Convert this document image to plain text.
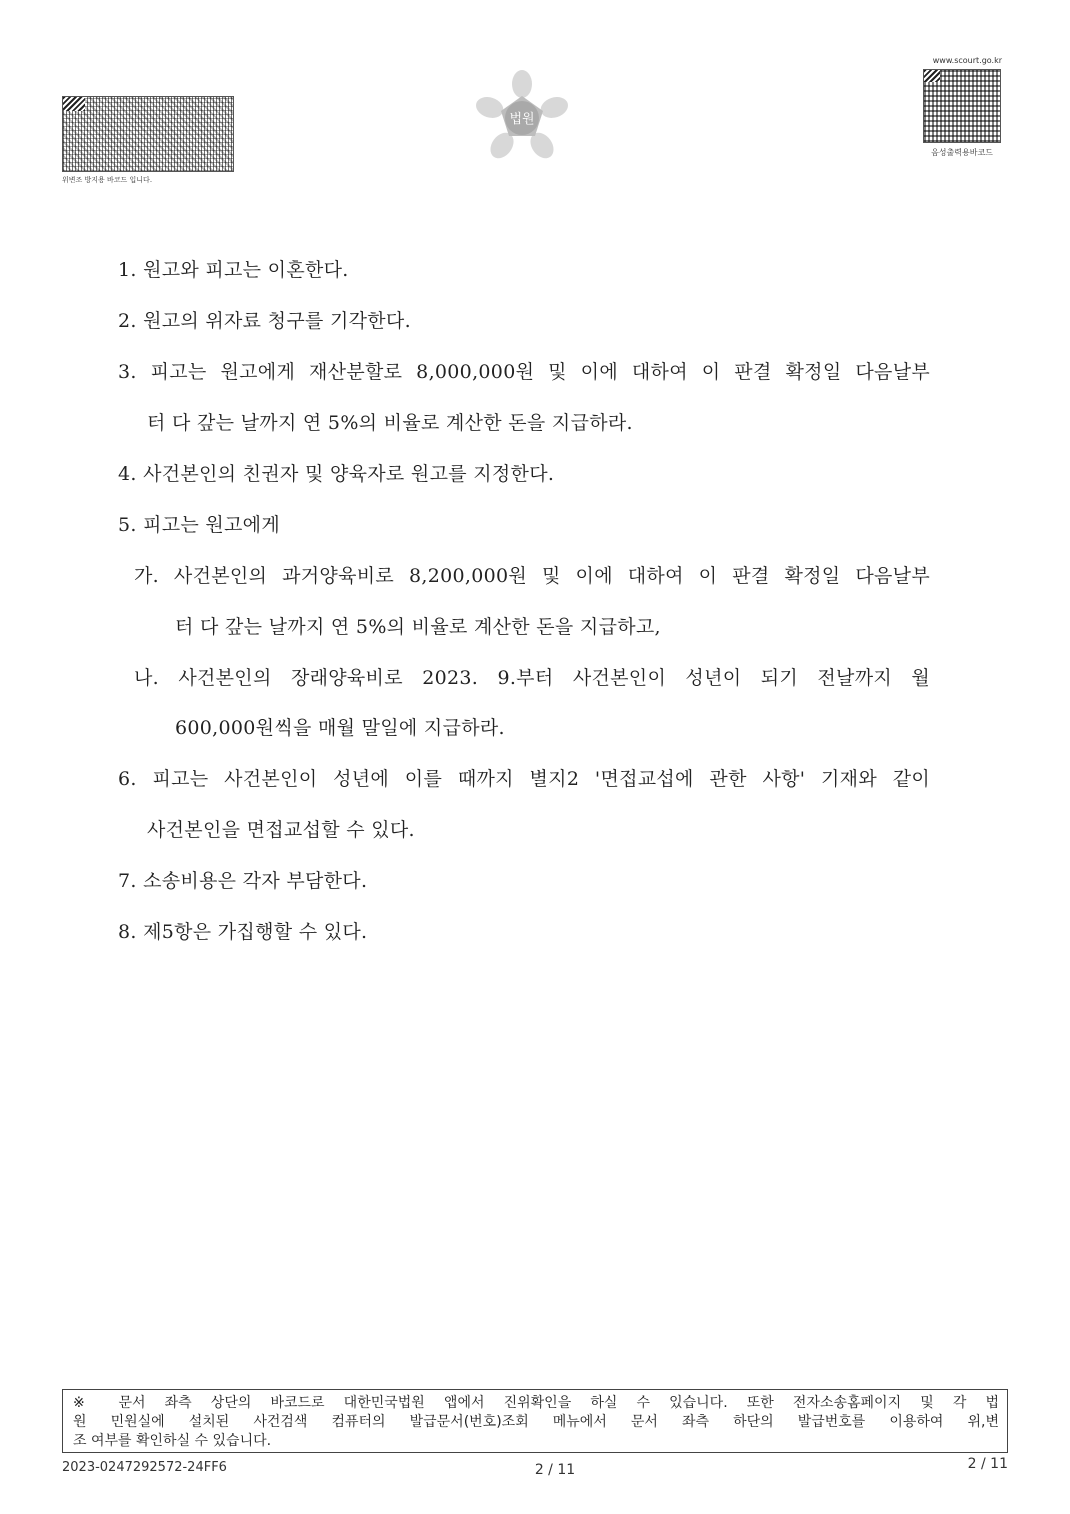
위변조 방지용 바코드 입니다.
법원
www.scourt.go.kr
음성출력용바코드
1. 원고와 피고는 이혼한다.
2. 원고의 위자료 청구를 기각한다.
3. 피고는 원고에게 재산분할로 8,000,000원 및 이에 대하여 이 판결 확정일 다음날부
터 다 갚는 날까지 연 5%의 비율로 계산한 돈을 지급하라.
4. 사건본인의 친권자 및 양육자로 원고를 지정한다.
5. 피고는 원고에게
가. 사건본인의 과거양육비로 8,200,000원 및 이에 대하여 이 판결 확정일 다음날부
터 다 갚는 날까지 연 5%의 비율로 계산한 돈을 지급하고,
나. 사건본인의 장래양육비로 2023. 9.부터 사건본인이 성년이 되기 전날까지 월
600,000원씩을 매월 말일에 지급하라.
6. 피고는 사건본인이 성년에 이를 때까지 별지2 '면접교섭에 관한 사항' 기재와 같이
사건본인을 면접교섭할 수 있다.
7. 소송비용은 각자 부담한다.
8. 제5항은 가집행할 수 있다.
※ 문서 좌측 상단의 바코드로 대한민국법원 앱에서 진위확인을 하실 수 있습니다. 또한 전자소송홈페이지 및 각 법
원 민원실에 설치된 사건검색 컴퓨터의 발급문서(번호)조회 메뉴에서 문서 좌측 하단의 발급번호를 이용하여 위,변
조 여부를 확인하실 수 있습니다.
2023-0247292572-24FF6	2 / 11	2 / 11
